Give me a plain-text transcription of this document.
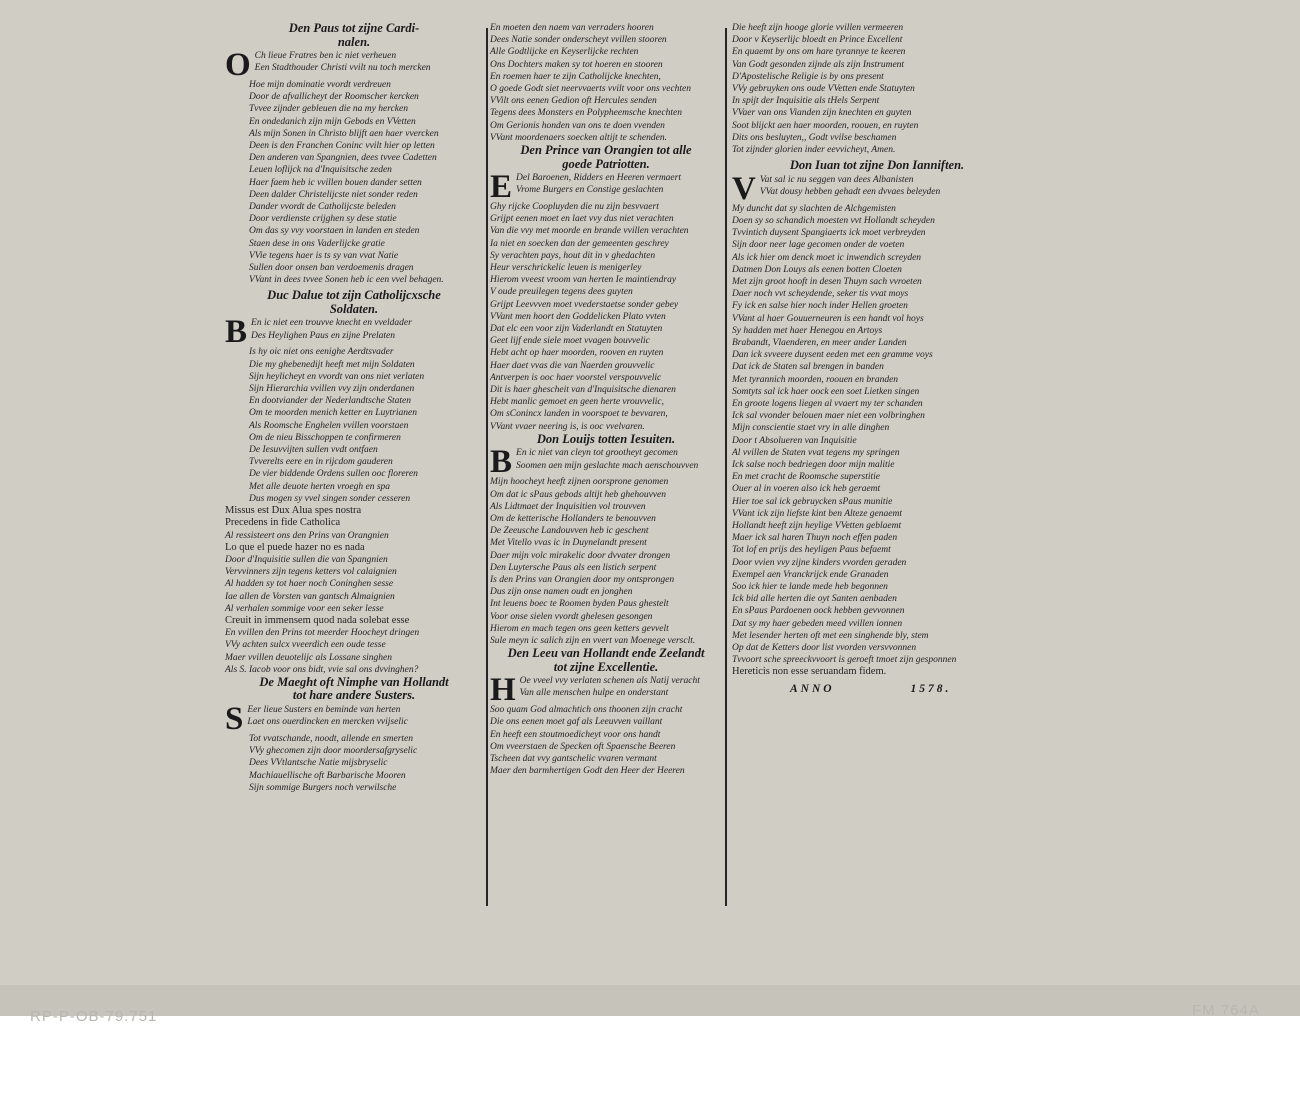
Den Paus tot zijne Cardi-
nalen.
O Ch lieue Fratres ben ic niet verheuen
Een Stadthouder Christi vvilt nu toch mercken
Hoe mijn dominatie vvordt verdreuen
Door de afvallicheyt der Roomscher kercken
Tvvee zijnder gebleuen die na my hercken
En ondedanich zijn mijn Gebods en VVetten
Als mijn Sonen in Christo blijft aen haer vvercken
Deen is den Franchen Coninc vvilt hier op letten
Den anderen van Spangnien, dees tvvee Cadetten
Leuen loflijck na d'Inquisitsche zeden
Haer faem heb ic vvillen bouen dander setten
Deen dalder Christelijcste niet sonder reden
Dander vvordt de Catholijcste beleden
Door verdienste crijghen sy dese statie
Om das sy vvy voorstaen in landen en steden
Staen dese in ons Vaderlijcke gratie
VVie tegens haer is ts sy van vvat Natie
Sullen door onsen ban verdoemenis dragen
VVant in dees tvvee Sonen heb ic een vvel behagen.
Duc Dalue tot zijn Catholijcxsche
Soldaten.
B En ic niet een trouvve knecht en vveldader
Des Heylighen Paus en zijne Prelaten
Is hy oic niet ons eenighe Aerdtsvader
Die my ghebenedijt heeft met mijn Soldaten
Sijn heylicheyt en vvordt van ons niet verlaten
Sijn Hierarchia vvillen vvy zijn onderdanen
En dootviander der Nederlandtsche Staten
Om te moorden menich ketter en Luytrianen
Als Roomsche Enghelen vvillen voorstaen
Om de nieu Bisschoppen te confirmeren
De Iesuvvijten sullen vvdt ontfaen
Tvverelts eere en in rijcdom gauderen
De vier biddende Ordens sullen ooc floreren
Met alle deuote herten vroegh en spa
Dus mogen sy vvel singen sonder cesseren
Missus est Dux Alua spes nostra
Precedens in fide Catholica
Al ressisteert ons den Prins van Orangnien
Lo que el puede hazer no es nada
Door d'Inquisitie sullen die van Spangnien
Vervvinners zijn tegens ketters vol calaignien
Al hadden sy tot haer noch Coninghen sesse
Iae allen de Vorsten van gantsch Almaignien
Al verhalen sommige voor een seker lesse
Creuit in immensem quod nada solebat esse
En vvillen den Prins tot meerder Hoocheyt dringen
VVy achten sulcx vveerdich een oude tesse
Maer vvillen deuotelijc als Lossane singhen
Als S. Iacob voor ons bidt, vvie sal ons dvvinghen?
De Maeght oft Nimphe van Hollandt
tot hare andere Susters.
S Eer lieue Susters en beminde van herten
Laet ons ouerdincken en mercken vvijselic
Tot vvatschande, noodt, allende en smerten
VVy ghecomen zijn door moordersafgryselic
Dees VVtlantsche Natie mijsbryselic
Machiauellische oft Barbarische Mooren
Sijn sommige Burgers noch verwilsche
En moeten den naem van verraders hooren
Dees Natie sonder onderscheyt vvillen stooren
Alle Godtlijcke en Keyserlijcke rechten
Ons Dochters maken sy tot hoeren en stooren
En roemen haer te zijn Catholijcke knechten,
O goede Godt siet neervvaerts vvilt voor ons vechten
VVilt ons eenen Gedion oft Hercules senden
Tegens dees Monsters en Polypheemsche knechten
Om Gerionis honden van ons te doen vvenden
VVant moordenaers soecken altijt te schenden.
Den Prince van Orangien tot alle
goede Patriotten.
E Del Baroenen, Ridders en Heeren vermaert
Vrome Burgers en Constige geslachten
Ghy rijcke Coopluyden die nu zijn besvvaert
Grijpt eenen moet en laet vvy dus niet verachten
Van die vvy met moorde en brande vvillen verachten
Ia niet en soecken dan der gemeenten geschrey
Sy verachten pays, hout dit in v ghedachten
Heur verschrickelic leuen is menigerley
Hierom vveest vroom van herten Ie maintiendray
V oude preuilegen tegens dees guyten
Grijpt Leevvven moet vvederstaetse sonder gebey
VVant men hoort den Goddelicken Plato vvten
Dat elc een voor zijn Vaderlandt en Statuyten
Geet lijf ende siele moet vvagen bouvvelic
Hebt acht op haer moorden, rooven en ruyten
Haer daet vvas die van Naerden grouvvelic
Antverpen is ooc haer voorstel verspouvvelic
Dit is haer ghescheit van d'Inquisitsche dienaren
Hebt manlic gemoet en geen herte vrouvvelic,
Om sConincx landen in voorspoet te bevvaren,
VVant vvaer neering is, is ooc vvelvaren.
Don Louijs totten Iesuiten.
B En ic niet van cleyn tot grootheyt gecomen
Soomen aen mijn geslachte mach aenschouvven
Mijn hoocheyt heeft zijnen oorsprone genomen
Om dat ic sPaus gebods altijt heb ghehouvven
Als Lidtmaet der Inquisitien vol trouvven
Om de ketterische Hollanders te benouvven
De Zeeusche Landouvven heb ic geschent
Met Vitello vvas ic in Duynelandt present
Daer mijn volc mirakelic door dvvater drongen
Den Luytersche Paus als een listich serpent
Is den Prins van Orangien door my ontsprongen
Dus zijn onse namen oudt en jonghen
Int leuens boec te Roomen byden Paus ghestelt
Voor onse sielen vvordt ghelesen gesongen
Hierom en mach tegen ons geen ketters gevvelt
Sule meyn ic salich zijn en vvert van Moenege versclt.
Den Leeu van Hollandt ende Zeelandt
tot zijne Excellentie.
H Oe vveel vvy verlaten schenen als Natij veracht
Van alle menschen hulpe en onderstant
Soo quam God almachtich ons thoonen zijn cracht
Die ons eenen moet gaf als Leeuvven vaillant
En heeft een stoutmoedicheyt voor ons handt
Om vveerstaen de Specken oft Spaensche Beeren
Tscheen dat vvy gantschelic vvaren vermant
Maer den barmhertigen Godt den Heer der Heeren
Die heeft zijn hooge glorie vvillen vermeeren
Door v Keyserlijc bloedt en Prince Excellent
En quaemt by ons om hare tyrannye te keeren
Van Godt gesonden zijnde als zijn Instrument
D'Apostelische Religie is by ons present
VVy gebruyken ons oude VVetten ende Statuyten
In spijt der Inquisitie als tHels Serpent
VVaer van ons Vianden zijn knechten en guyten
Soot blijckt aen haer moorden, roouen, en ruyten
Dits ons besluyten,, Godt vvilse beschamen
Tot zijnder glorien inder eevvicheyt, Amen.
Don Iuan tot zijne Don Ianniften.
V Vat sal ic nu seggen van dees Albanisten
VVat dousy hebben gehadt een dvvaes beleyden
My duncht dat sy slachten de Alchgemisten
Doen sy so schandich moesten vvt Hollandt scheyden
Tvvintich duysent Spangiaerts ick moet verbreyden
Sijn door neer lage gecomen onder de voeten
Als ick hier om denck moet ic inwendich screyden
Datmen Don Louys als eenen botten Cloeten
Met zijn groot hooft in desen Thuyn sach vvroeten
Daer noch vvt scheydende, seker tis vvat moys
Fy ick en salse hier noch inder Hellen groeten
VVant al haer Gouuerneuren is een handt vol hoys
Sy hadden met haer Henegou en Artoys
Brabandt, Vlaenderen, en meer ander Landen
Dan ick svveere duysent eeden met een gramme voys
Dat ick de Staten sal brengen in banden
Met tyrannich moorden, roouen en branden
Somtyts sal ick haer oock een soet Lietken singen
En groote logens liegen al vvaert my ter schanden
Ick sal vvonder belouen maer niet een volbringhen
Mijn conscientie staet vry in alle dinghen
Door t Absolueren van Inquisitie
Al vvillen de Staten vvat tegens my springen
Ick salse noch bedriegen door mijn malitie
En met cracht de Roomsche superstitie
Ouer al in voeren also ick heb geraemt
Hier toe sal ick gebruycken sPaus munitie
VVant ick zijn liefste kint ben Alteze genaemt
Hollandt heeft zijn heylige VVetten geblaemt
Maer ick sal haren Thuyn noch effen paden
Tot lof en prijs des heyligen Paus befaemt
Door vvien vvy zijne kinders vvorden geraden
Exempel aen Vranckrijck ende Granaden
Soo ick hier te lande mede heb begonnen
Ick bid alle herten die oyt Santen aenbaden
En sPaus Pardoenen oock hebben gevvonnen
Dat sy my haer gebeden meed vvillen ionnen
Met lesender herten oft met een singhende bly, stem
Op dat de Ketters door list vvorden versvvonnen
Tvvoort sche spreeckvvoort is geroeft tmoet zijn gesponnen
Hereticis non esse seruandam fidem.
ANNO	1578.
RP-P-OB-79.751	FM 764A
